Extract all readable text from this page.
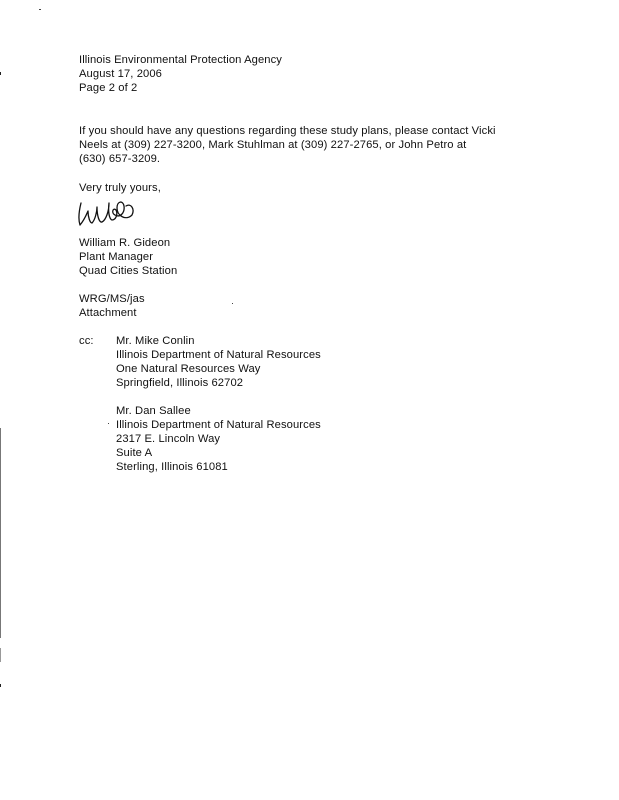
Illinois Environmental Protection Agency
August 17, 2006
Page 2 of 2
If you should have any questions regarding these study plans, please contact Vicki
Neels at (309) 227-3200, Mark Stuhlman at (309) 227-2765, or John Petro at
(630) 657-3209.
Very truly yours,
William R. Gideon
Plant Manager
Quad Cities Station
WRG/MS/jas
Attachment
cc: Mr. Mike Conlin
Illinois Department of Natural Resources
One Natural Resources Way
Springfield, Illinois 62702
Mr. Dan Sallee
Illinois Department of Natural Resources
2317 E. Lincoln Way
Suite A
Sterling, Illinois 61081
